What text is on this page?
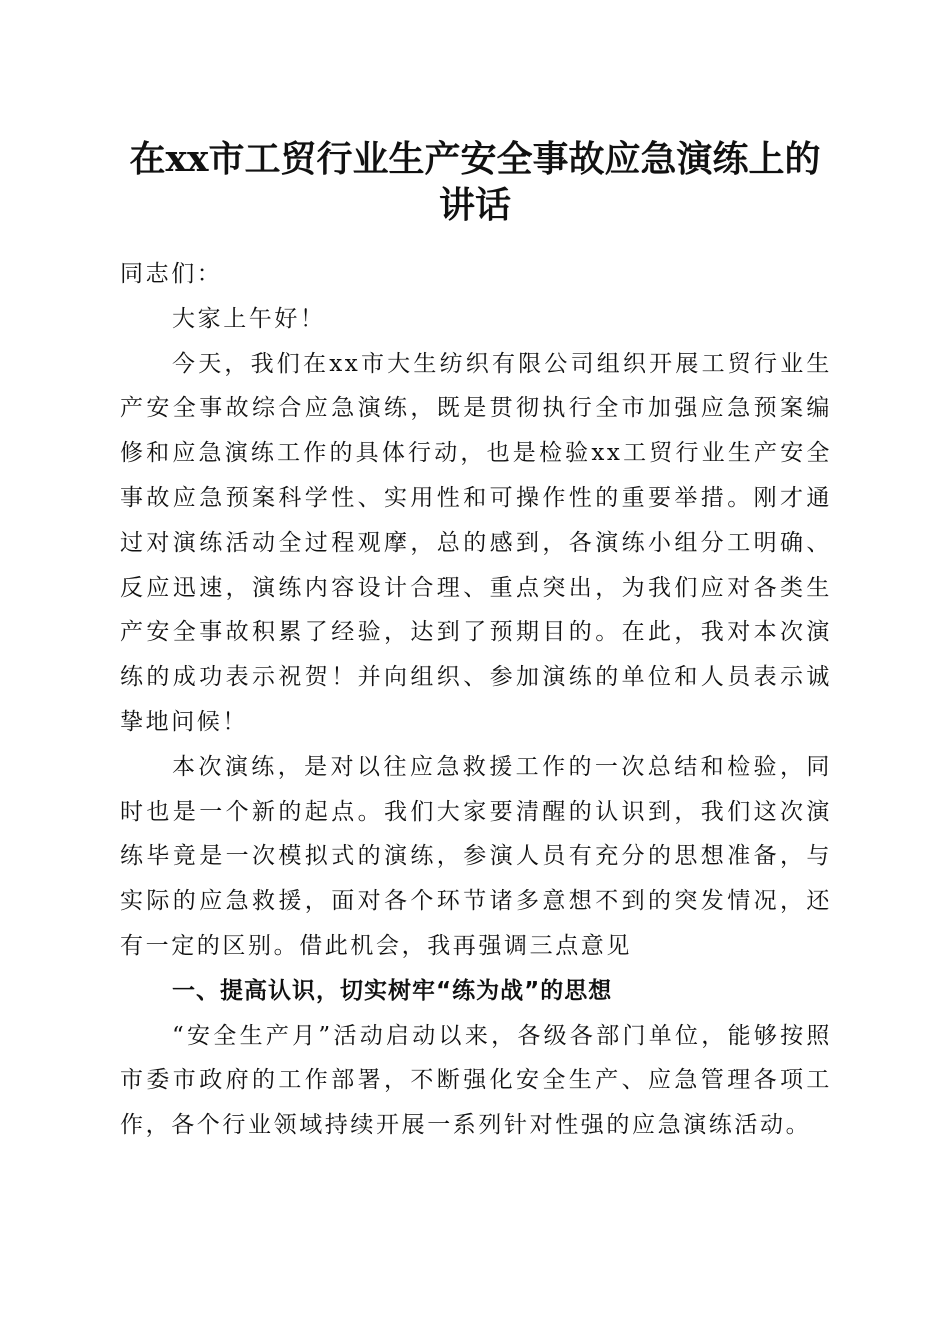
在xx市工贸行业生产安全事故应急演练上的
讲话

同志们：

大家上午好！

今天，我们在xx市大生纺织有限公司组织开展工贸行业生产安全事故综合应急演练，既是贯彻执行全市加强应急预案编修和应急演练工作的具体行动，也是检验xx工贸行业生产安全事故应急预案科学性、实用性和可操作性的重要举措。刚才通过对演练活动全过程观摩，总的感到，各演练小组分工明确、反应迅速，演练内容设计合理、重点突出，为我们应对各类生产安全事故积累了经验，达到了预期目的。在此，我对本次演练的成功表示祝贺！并向组织、参加演练的单位和人员表示诚挚地问候！

本次演练，是对以往应急救援工作的一次总结和检验，同时也是一个新的起点。我们大家要清醒的认识到，我们这次演练毕竟是一次模拟式的演练，参演人员有充分的思想准备，与实际的应急救援，面对各个环节诸多意想不到的突发情况，还有一定的区别。借此机会，我再强调三点意见

一、提高认识，切实树牢“练为战”的思想

“安全生产月”活动启动以来，各级各部门单位，能够按照市委市政府的工作部署，不断强化安全生产、应急管理各项工作，各个行业领域持续开展一系列针对性强的应急演练活动。
